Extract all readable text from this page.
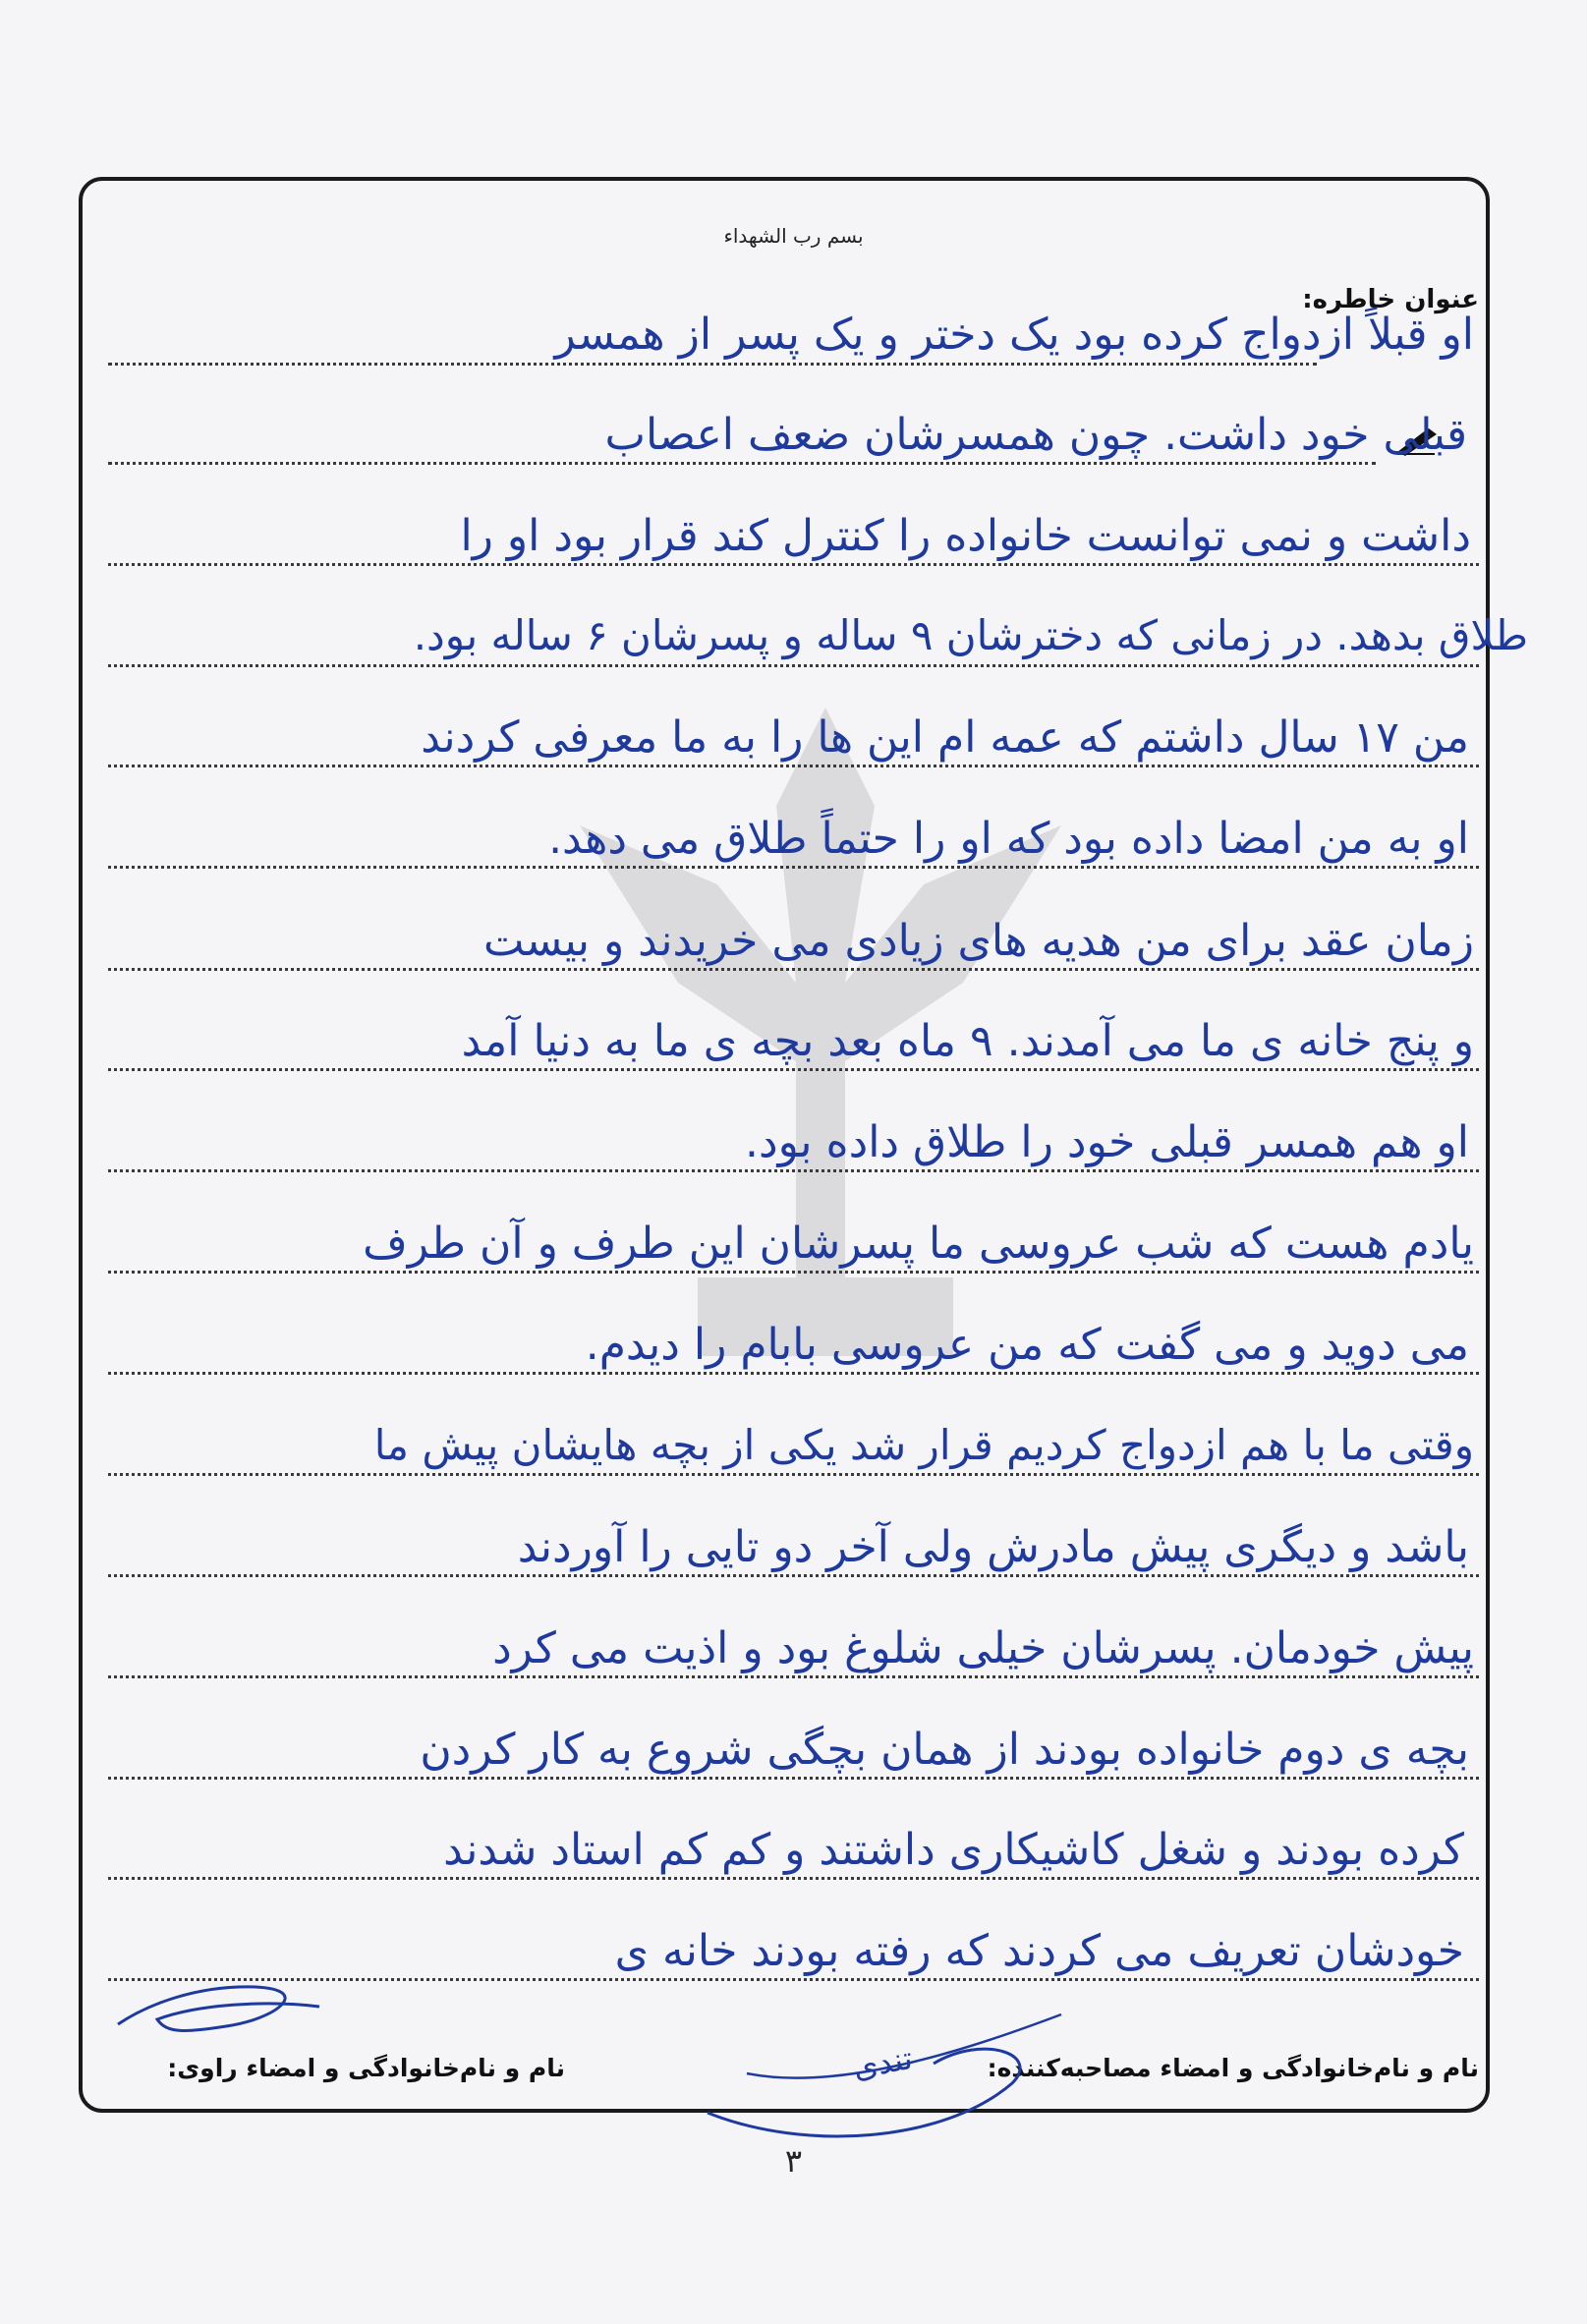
بسم رب الشهداء
عنوان خاطره:
او قبلاً ازدواج کرده بود یک دختر و یک پسر از همسر
قبلی خود داشت. چون همسرشان ضعف اعصاب
داشت و نمی توانست خانواده را کنترل کند قرار بود او را
طلاق بدهد. در زمانی که دخترشان ۹ ساله و پسرشان ۶ ساله بود.
من ۱۷ سال داشتم که عمه ام این ها را به ما معرفی کردند
او به من امضا داده بود که او را حتماً طلاق می دهد.
زمان عقد برای من هدیه های زیادی می خریدند و بیست
و پنج خانه ی ما می آمدند. ۹ ماه بعد بچه ی ما به دنیا آمد
او هم همسر قبلی خود را طلاق داده بود.
یادم هست که شب عروسی ما پسرشان این طرف و آن طرف
می دوید و می گفت که من عروسی بابام را دیدم.
وقتی ما با هم ازدواج کردیم قرار شد یکی از بچه هایشان پیش ما
باشد و دیگری پیش مادرش ولی آخر دو تایی را آوردند
پیش خودمان. پسرشان خیلی شلوغ بود و اذیت می کرد
بچه ی دوم خانواده بودند از همان بچگی شروع به کار کردن
کرده بودند و شغل کاشیکاری داشتند و کم کم استاد شدند
خودشان تعریف می کردند که رفته بودند خانه ی
نام و نام‌خانوادگی و امضاء مصاحبه‌کننده:
نام و نام‌خانوادگی و امضاء راوی:	تندی
۳
